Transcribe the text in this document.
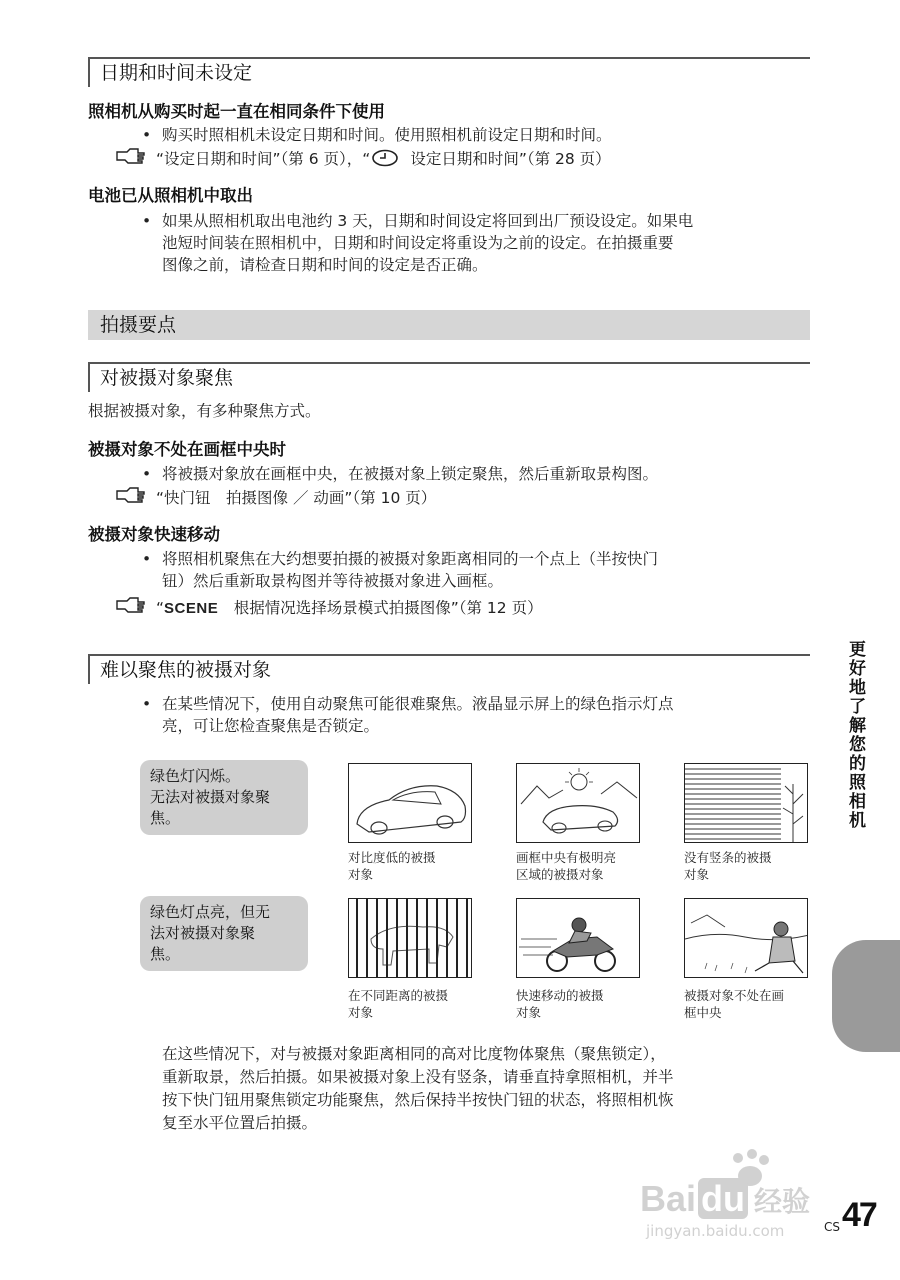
日期和时间未设定
照相机从购买时起一直在相同条件下使用
• 购买时照相机未设定日期和时间。使用照相机前设定日期和时间。
“设定日期和时间”（第 6 页），“	设定日期和时间”（第 28 页）
电池已从照相机中取出
• 如果从照相机取出电池约 3 天，日期和时间设定将回到出厂预设设定。如果电
池短时间装在照相机中，日期和时间设定将重设为之前的设定。在拍摄重要
图像之前，请检查日期和时间的设定是否正确。
拍摄要点
对被摄对象聚焦
根据被摄对象，有多种聚焦方式。
被摄对象不处在画框中央时
• 将被摄对象放在画框中央，在被摄对象上锁定聚焦，然后重新取景构图。
“快门钮　拍摄图像 ／ 动画”（第 10 页）
被摄对象快速移动
• 将照相机聚焦在大约想要拍摄的被摄对象距离相同的一个点上（半按快门
钮）然后重新取景构图并等待被摄对象进入画框。
“SCENE　根据情况选择场景模式拍摄图像”（第 12 页）
难以聚焦的被摄对象
• 在某些情况下，使用自动聚焦可能很难聚焦。液晶显示屏上的绿色指示灯点
亮，可让您检查聚焦是否锁定。
绿色灯闪烁。
无法对被摄对象聚
焦。
绿色灯点亮，但无
法对被摄对象聚
焦。
对比度低的被摄
对象
画框中央有极明亮
区域的被摄对象
没有竖条的被摄
对象
在不同距离的被摄
对象
快速移动的被摄
对象
被摄对象不处在画
框中央
在这些情况下，对与被摄对象距离相同的高对比度物体聚焦（聚焦锁定），
重新取景，然后拍摄。如果被摄对象上没有竖条，请垂直持拿照相机，并半
按下快门钮用聚焦锁定功能聚焦，然后保持半按快门钮的状态，将照相机恢
复至水平位置后拍摄。
更好地了解您的照相机
Bai du 经验
jingyan.baidu.com	CS 47
